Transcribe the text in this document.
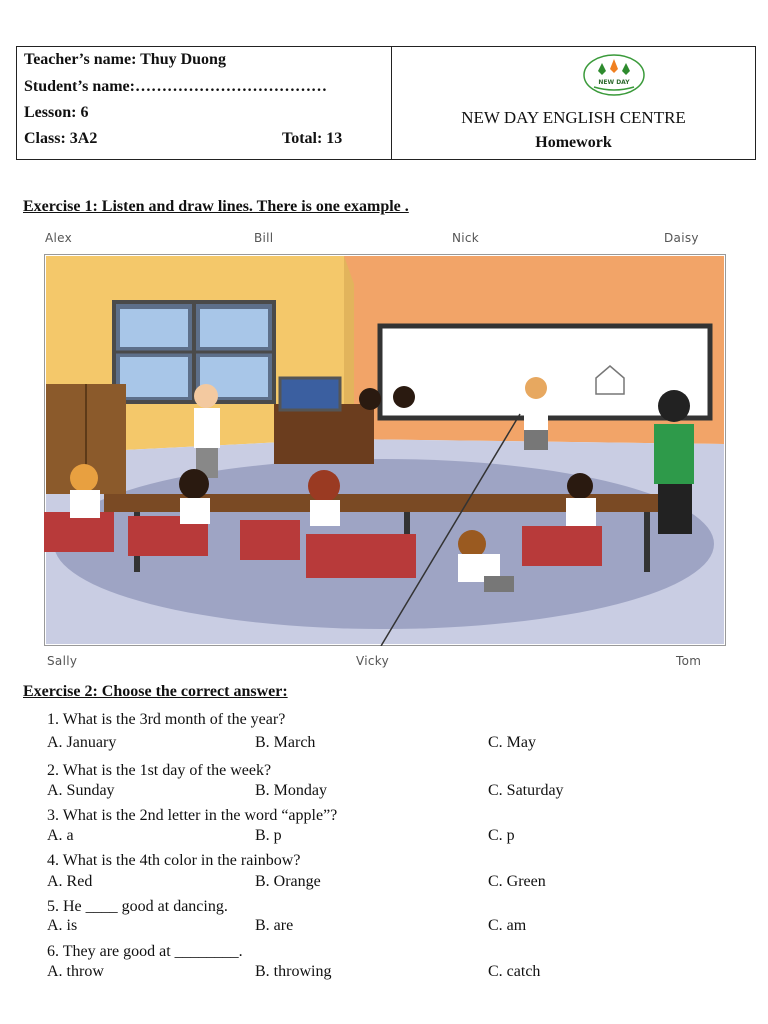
Teacher’s name: Thuy Duong
Student’s name:………………………………
Lesson: 6
Class: 3A2	Total: 13
NEW DAY
NEW DAY ENGLISH CENTRE
Homework
Exercise 1: Listen and draw lines. There is one example .
Alex	Bill	Nick	Daisy
Sally	Vicky	Tom
Exercise 2: Choose the correct answer:
1. What is the 3rd month of the year?
A. January	B. March	C. May
2. What is the 1st day of the week?
A. Sunday	B. Monday	C. Saturday
3. What is the 2nd letter in the word “apple”?
A. a	B. p	C. p
4. What is the 4th color in the rainbow?
A. Red	B. Orange	C. Green
5. He ____ good at dancing.
A. is	B. are	C. am
6. They are good at ________.
A. throw	B. throwing	C. catch
